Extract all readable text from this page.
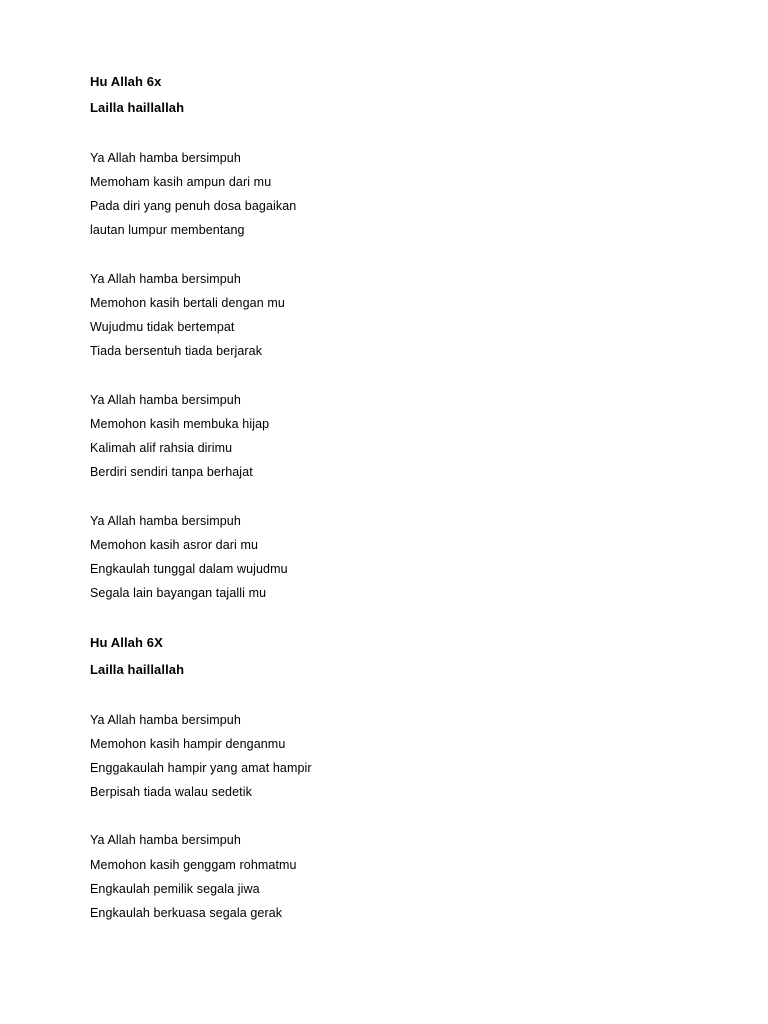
Hu Allah 6x
Lailla haillallah
Ya Allah hamba bersimpuh
Memoham kasih ampun dari mu
Pada diri yang penuh dosa bagaikan
lautan lumpur membentang
Ya Allah hamba bersimpuh
Memohon kasih bertali dengan mu
Wujudmu tidak bertempat
Tiada bersentuh tiada berjarak
Ya Allah hamba bersimpuh
Memohon kasih membuka hijap
Kalimah alif rahsia dirimu
Berdiri sendiri tanpa berhajat
Ya Allah hamba bersimpuh
Memohon kasih asror dari mu
Engkaulah tunggal dalam wujudmu
Segala lain bayangan tajalli mu
Hu Allah 6X
Lailla haillallah
Ya Allah hamba bersimpuh
Memohon kasih hampir denganmu
Enggakaulah hampir yang amat hampir
Berpisah tiada walau sedetik
Ya Allah hamba bersimpuh
Memohon kasih genggam rohmatmu
Engkaulah pemilik segala jiwa
Engkaulah berkuasa segala gerak
